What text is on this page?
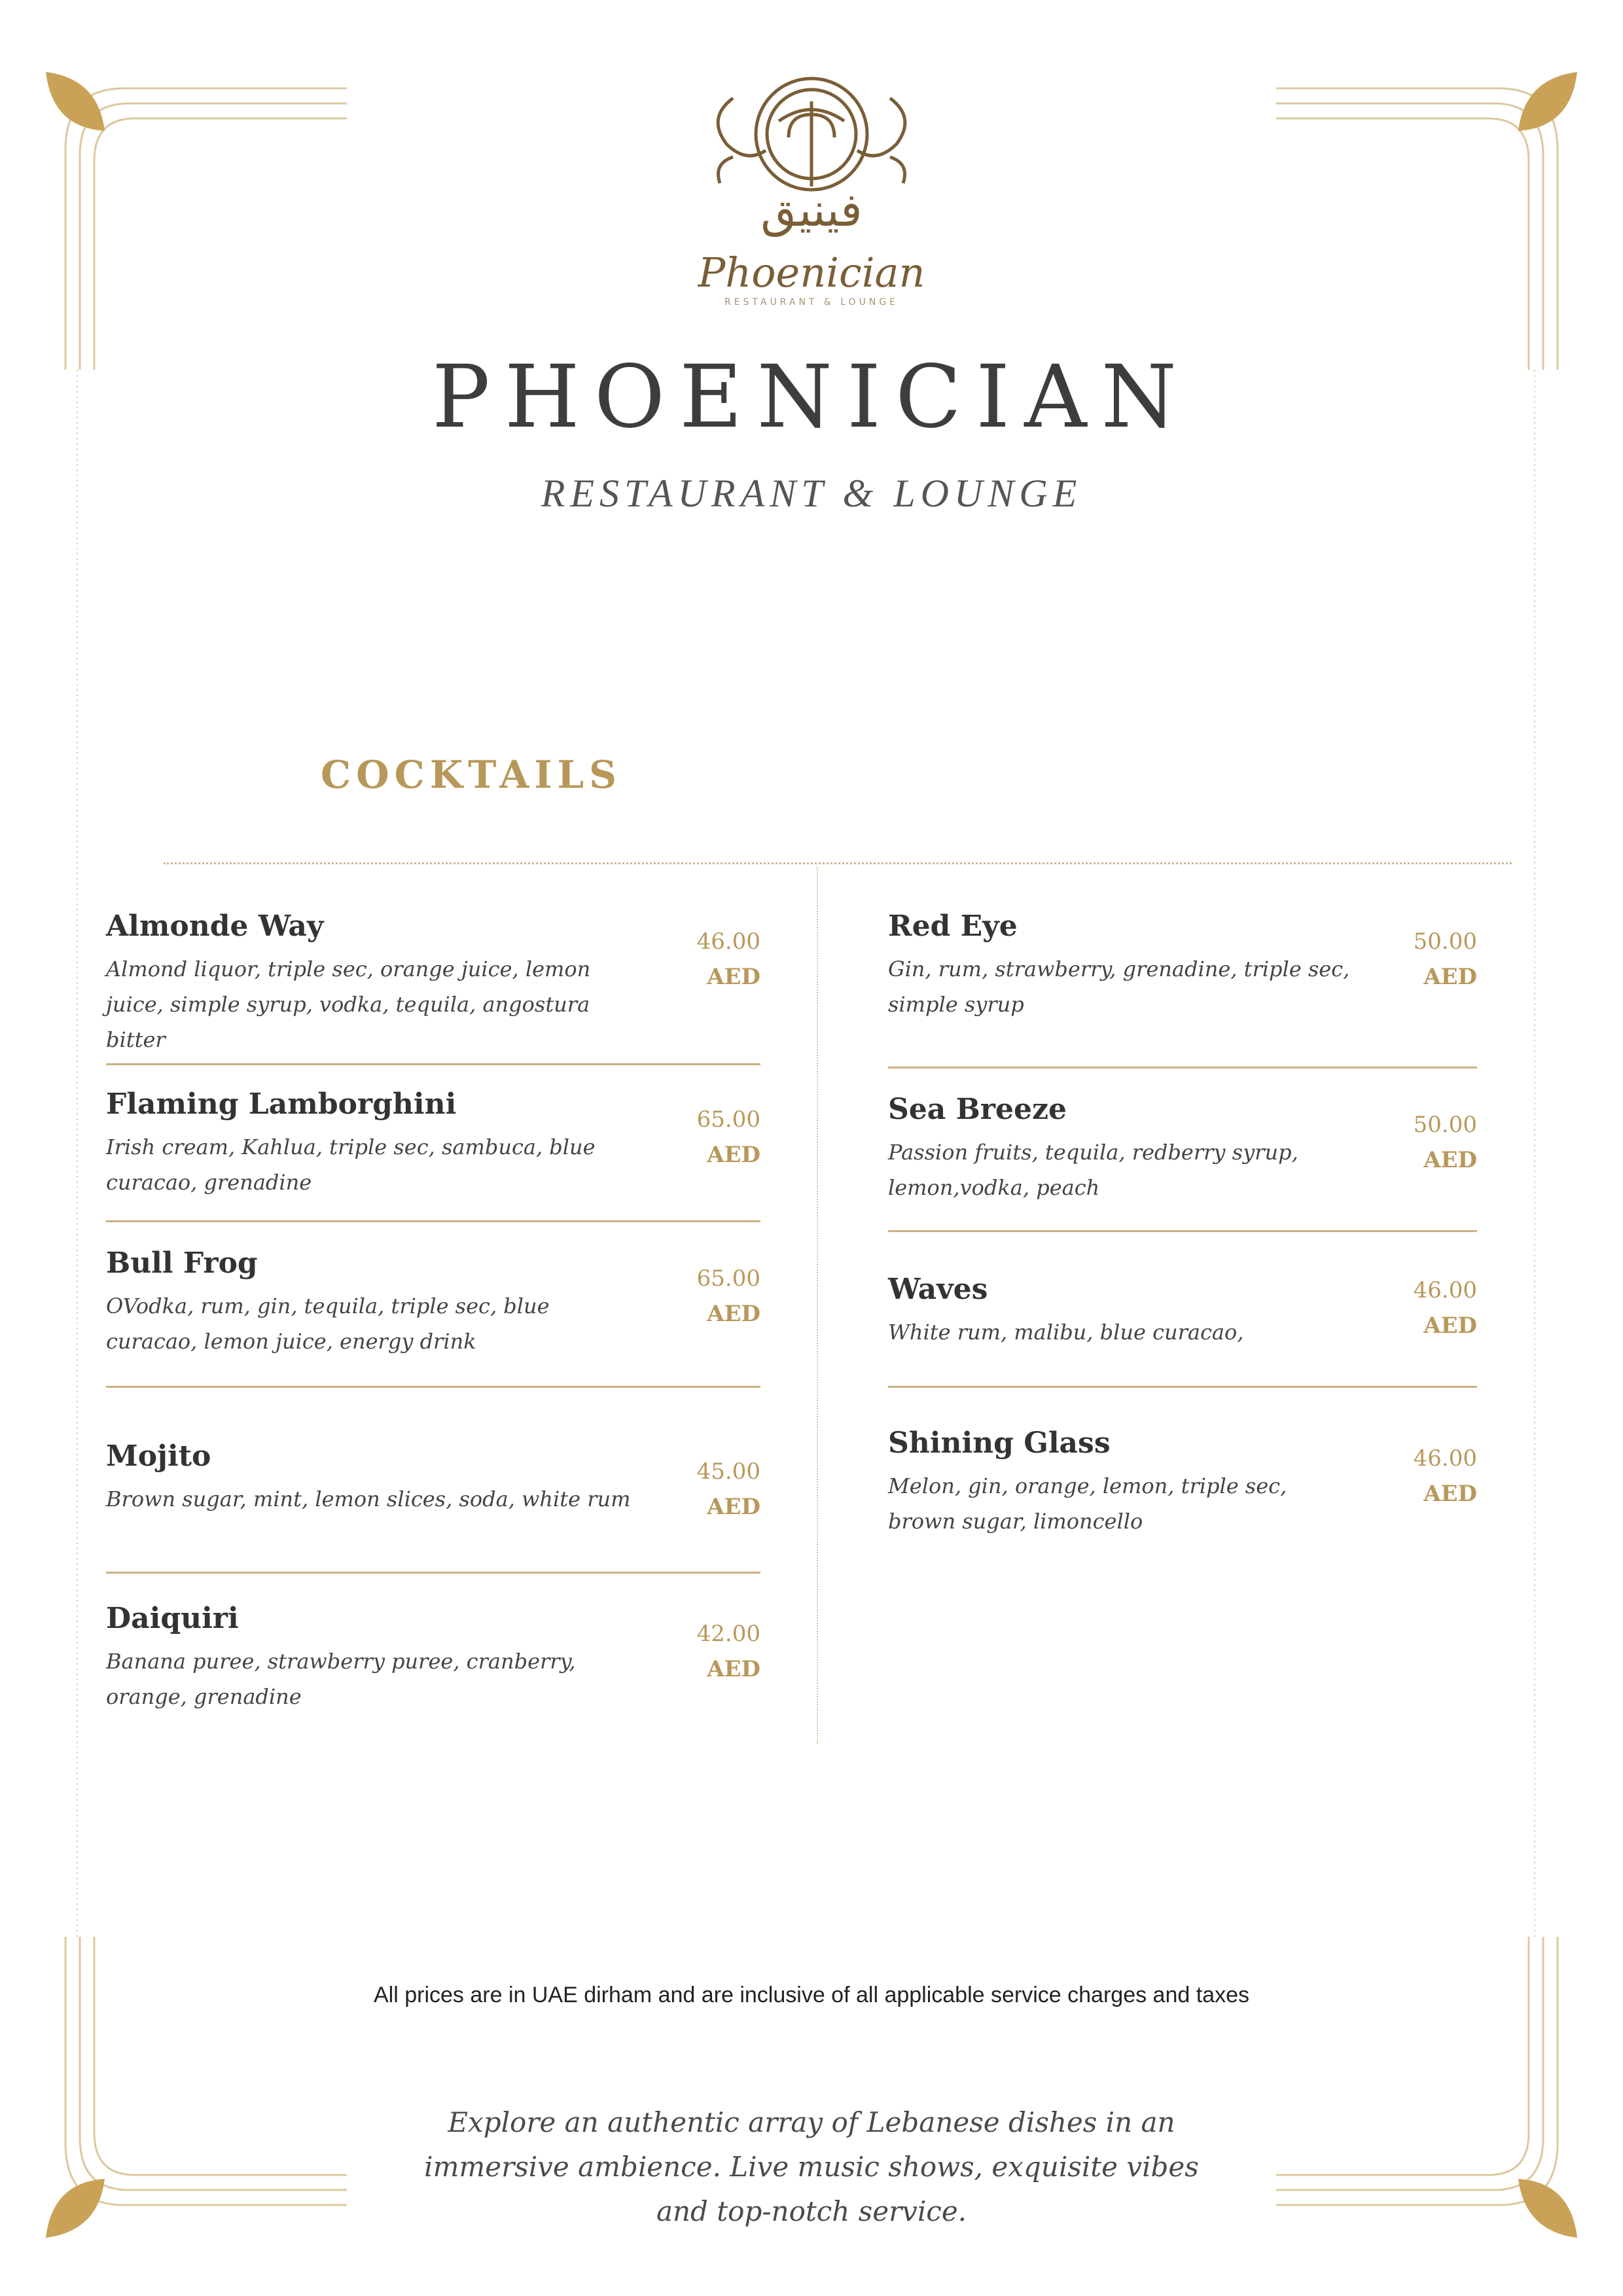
فينيق
Phoenician
RESTAURANT & LOUNGE
PHOENICIAN
RESTAURANT & LOUNGE
COCKTAILS
Almonde Way
Almond liquor, triple sec, orange juice, lemon juice, simple syrup, vodka, tequila, angostura bitter
46.00
AED
Flaming Lamborghini
Irish cream, Kahlua, triple sec, sambuca, blue curacao, grenadine
65.00
AED
Bull Frog
OVodka, rum, gin, tequila, triple sec, blue curacao, lemon juice, energy drink
65.00
AED
Mojito
Brown sugar, mint, lemon slices, soda, white rum
45.00
AED
Daiquiri
Banana puree, strawberry puree, cranberry, orange, grenadine
42.00
AED
Red Eye
Gin, rum, strawberry, grenadine, triple sec, simple syrup
50.00
AED
Sea Breeze
Passion fruits, tequila, redberry syrup, lemon,vodka, peach
50.00
AED
Waves
White rum, malibu, blue curacao,
46.00
AED
Shining Glass
Melon, gin, orange, lemon, triple sec, brown sugar, limoncello
46.00
AED
All prices are in UAE dirham and are inclusive of all applicable service charges and taxes
Explore an authentic array of Lebanese dishes in an
immersive ambience. Live music shows, exquisite vibes
and top-notch service.
